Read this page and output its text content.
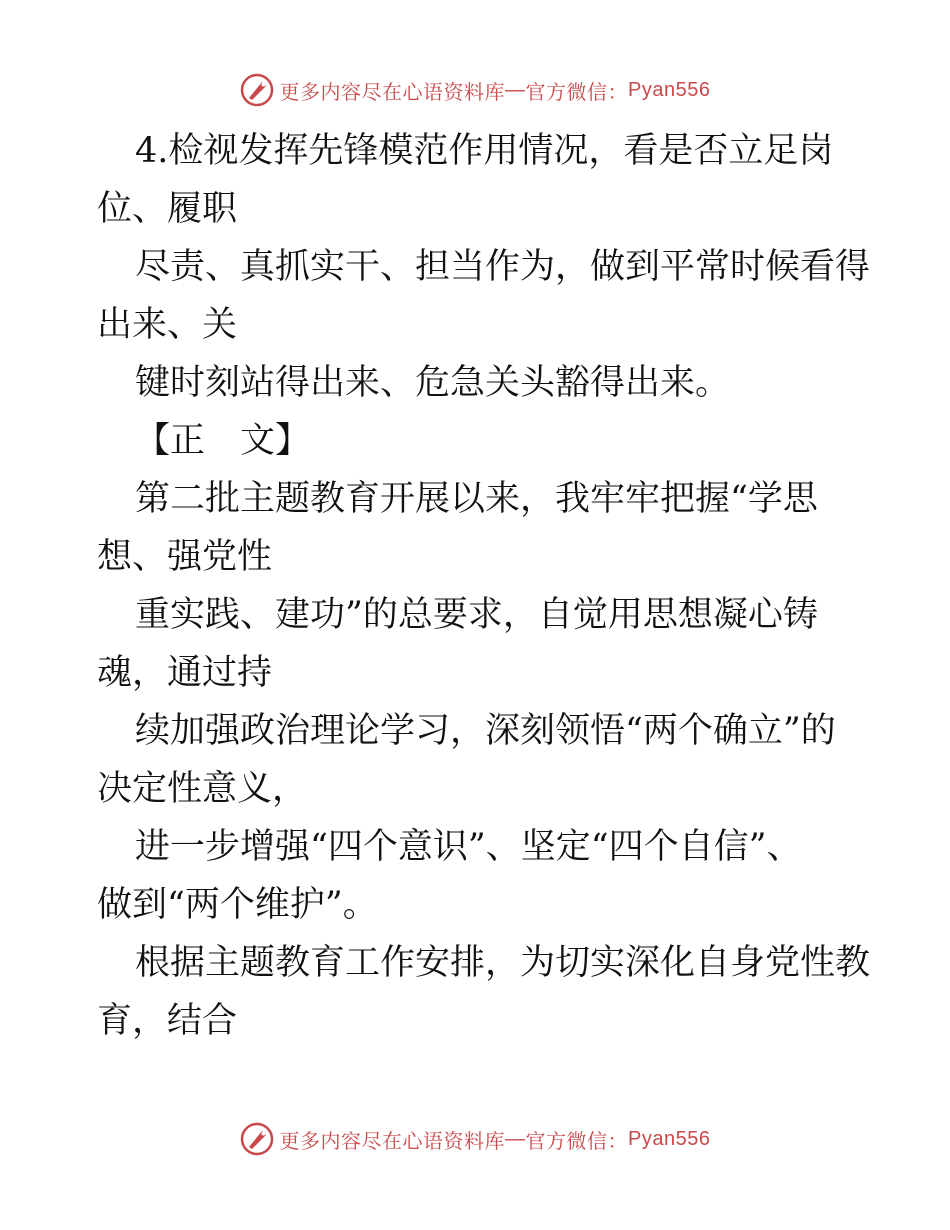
更多内容尽在心语资料库 — 官方微信： Pyan556
4.检视发挥先锋模范作用情况，看是否立足岗
位、履职
尽责、真抓实干、担当作为，做到平常时候看得
出来、关
键时刻站得出来、危急关头豁得出来。
【正　文】
第二批主题教育开展以来，我牢牢把握“学思
想、强党性
重实践、建功”的总要求，自觉用思想凝心铸
魂，通过持
续加强政治理论学习，深刻领悟“两个确立”的
决定性意义，
进一步增强“四个意识”、坚定“四个自信”、
做到“两个维护”。
根据主题教育工作安排，为切实深化自身党性教
育，结合
更多内容尽在心语资料库 — 官方微信： Pyan556
